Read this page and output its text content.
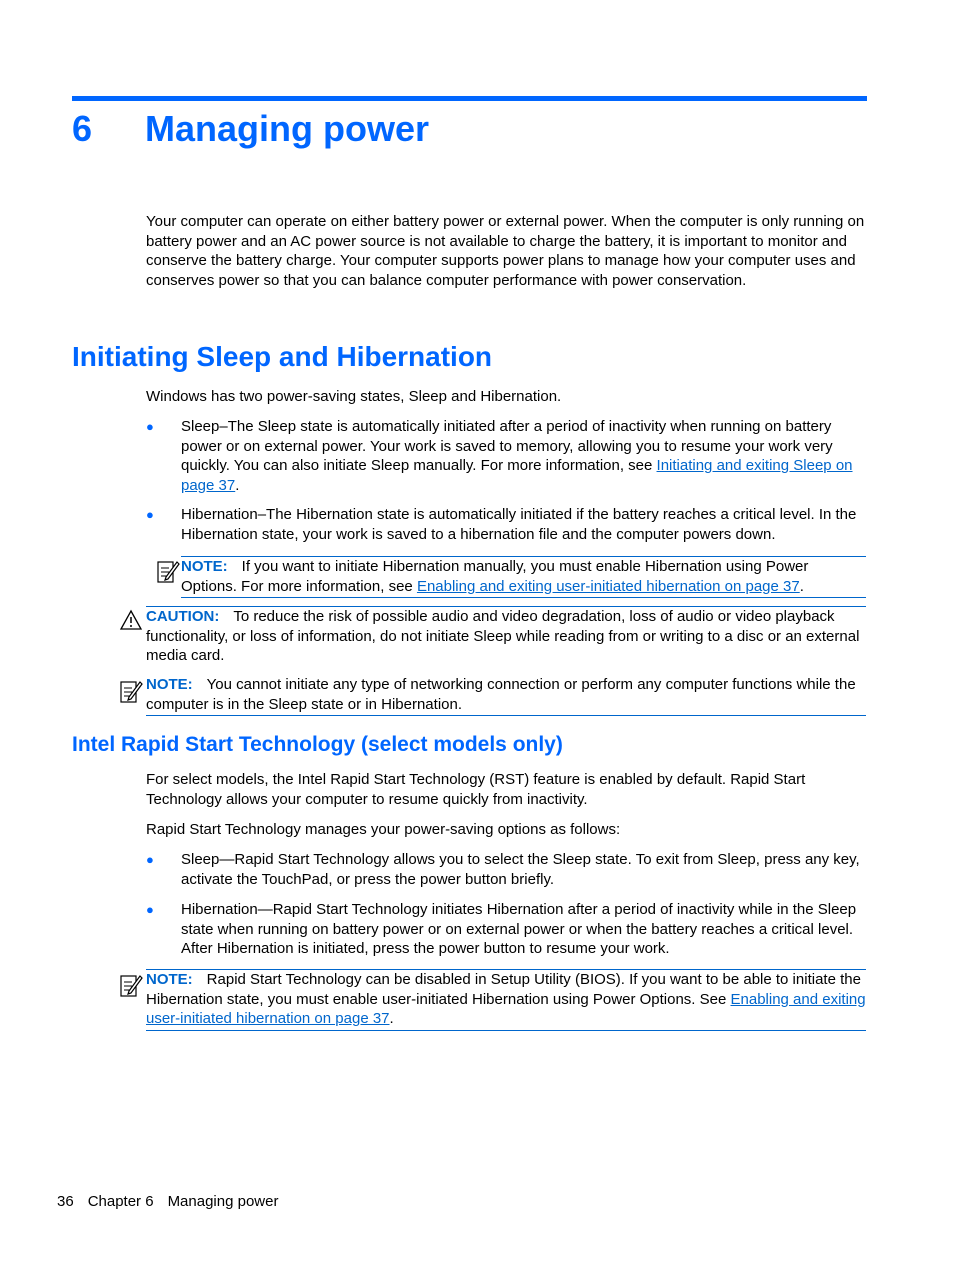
6 Managing power

Your computer can operate on either battery power or external power. When the computer is only running on battery power and an AC power source is not available to charge the battery, it is important to monitor and conserve the battery charge. Your computer supports power plans to manage how your computer uses and conserves power so that you can balance computer performance with power conservation.

Initiating Sleep and Hibernation

Windows has two power-saving states, Sleep and Hibernation.

● Sleep–The Sleep state is automatically initiated after a period of inactivity when running on battery power or on external power. Your work is saved to memory, allowing you to resume your work very quickly. You can also initiate Sleep manually. For more information, see Initiating and exiting Sleep on page 37.
● Hibernation–The Hibernation state is automatically initiated if the battery reaches a critical level. In the Hibernation state, your work is saved to a hibernation file and the computer powers down.
NOTE: If you want to initiate Hibernation manually, you must enable Hibernation using Power Options. For more information, see Enabling and exiting user-initiated hibernation on page 37.
CAUTION: To reduce the risk of possible audio and video degradation, loss of audio or video playback functionality, or loss of information, do not initiate Sleep while reading from or writing to a disc or an external media card.
NOTE: You cannot initiate any type of networking connection or perform any computer functions while the computer is in the Sleep state or in Hibernation.
Intel Rapid Start Technology (select models only)

For select models, the Intel Rapid Start Technology (RST) feature is enabled by default. Rapid Start Technology allows your computer to resume quickly from inactivity.

Rapid Start Technology manages your power-saving options as follows:

● Sleep—Rapid Start Technology allows you to select the Sleep state. To exit from Sleep, press any key, activate the TouchPad, or press the power button briefly.
● Hibernation—Rapid Start Technology initiates Hibernation after a period of inactivity while in the Sleep state when running on battery power or on external power or when the battery reaches a critical level. After Hibernation is initiated, press the power button to resume your work.
NOTE: Rapid Start Technology can be disabled in Setup Utility (BIOS). If you want to be able to initiate the Hibernation state, you must enable user-initiated Hibernation using Power Options. See Enabling and exiting user-initiated hibernation on page 37.
36 Chapter 6 Managing power
